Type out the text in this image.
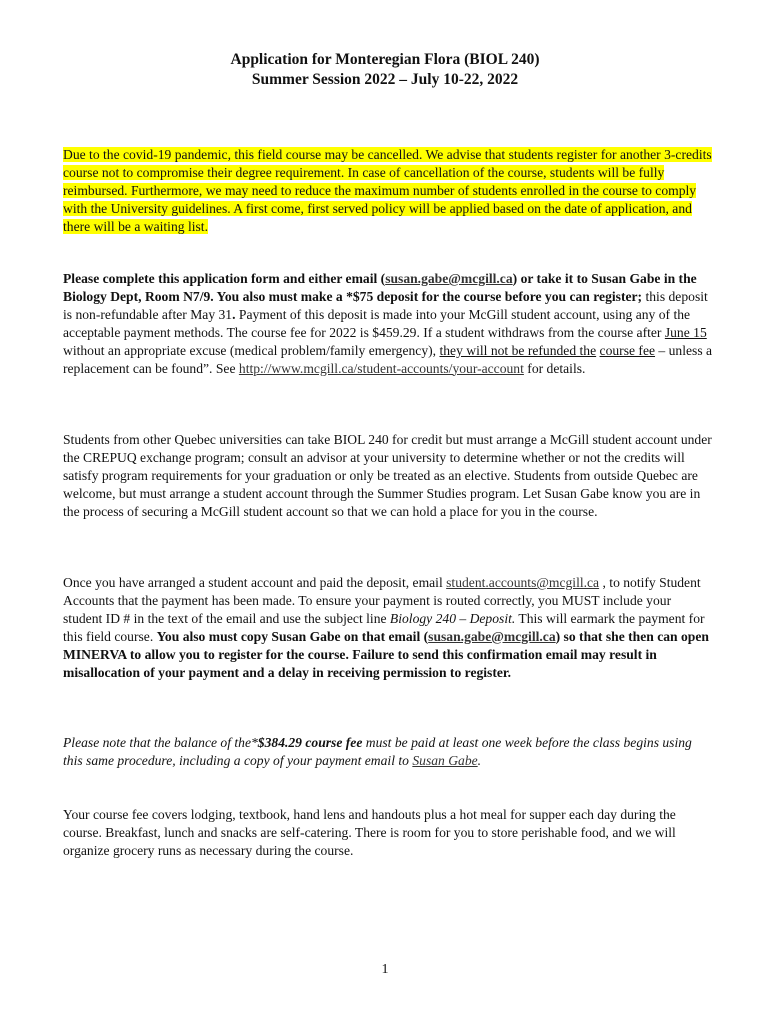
Application for Monteregian Flora (BIOL 240)
Summer Session 2022 – July 10-22, 2022
Due to the covid-19 pandemic, this field course may be cancelled. We advise that students register for another 3-credits course not to compromise their degree requirement. In case of cancellation of the course, students will be fully reimbursed. Furthermore, we may need to reduce the maximum number of students enrolled in the course to comply with the University guidelines. A first come, first served policy will be applied based on the date of application, and there will be a waiting list.
Please complete this application form and either email (susan.gabe@mcgill.ca) or take it to Susan Gabe in the Biology Dept, Room N7/9. You also must make a *$75 deposit for the course before you can register; this deposit is non-refundable after May 31. Payment of this deposit is made into your McGill student account, using any of the acceptable payment methods. The course fee for 2022 is $459.29. If a student withdraws from the course after June 15 without an appropriate excuse (medical problem/family emergency), they will not be refunded the course fee – unless a replacement can be found”. See http://www.mcgill.ca/student-accounts/your-account for details.
Students from other Quebec universities can take BIOL 240 for credit but must arrange a McGill student account under the CREPUQ exchange program; consult an advisor at your university to determine whether or not the credits will satisfy program requirements for your graduation or only be treated as an elective. Students from outside Quebec are welcome, but must arrange a student account through the Summer Studies program. Let Susan Gabe know you are in the process of securing a McGill student account so that we can hold a place for you in the course.
Once you have arranged a student account and paid the deposit, email student.accounts@mcgill.ca , to notify Student Accounts that the payment has been made. To ensure your payment is routed correctly, you MUST include your student ID # in the text of the email and use the subject line Biology 240 – Deposit. This will earmark the payment for this field course. You also must copy Susan Gabe on that email (susan.gabe@mcgill.ca) so that she then can open MINERVA to allow you to register for the course. Failure to send this confirmation email may result in misallocation of your payment and a delay in receiving permission to register.
Please note that the balance of the*$384.29 course fee must be paid at least one week before the class begins using this same procedure, including a copy of your payment email to Susan Gabe.
Your course fee covers lodging, textbook, hand lens and handouts plus a hot meal for supper each day during the course. Breakfast, lunch and snacks are self-catering. There is room for you to store perishable food, and we will organize grocery runs as necessary during the course.
1
